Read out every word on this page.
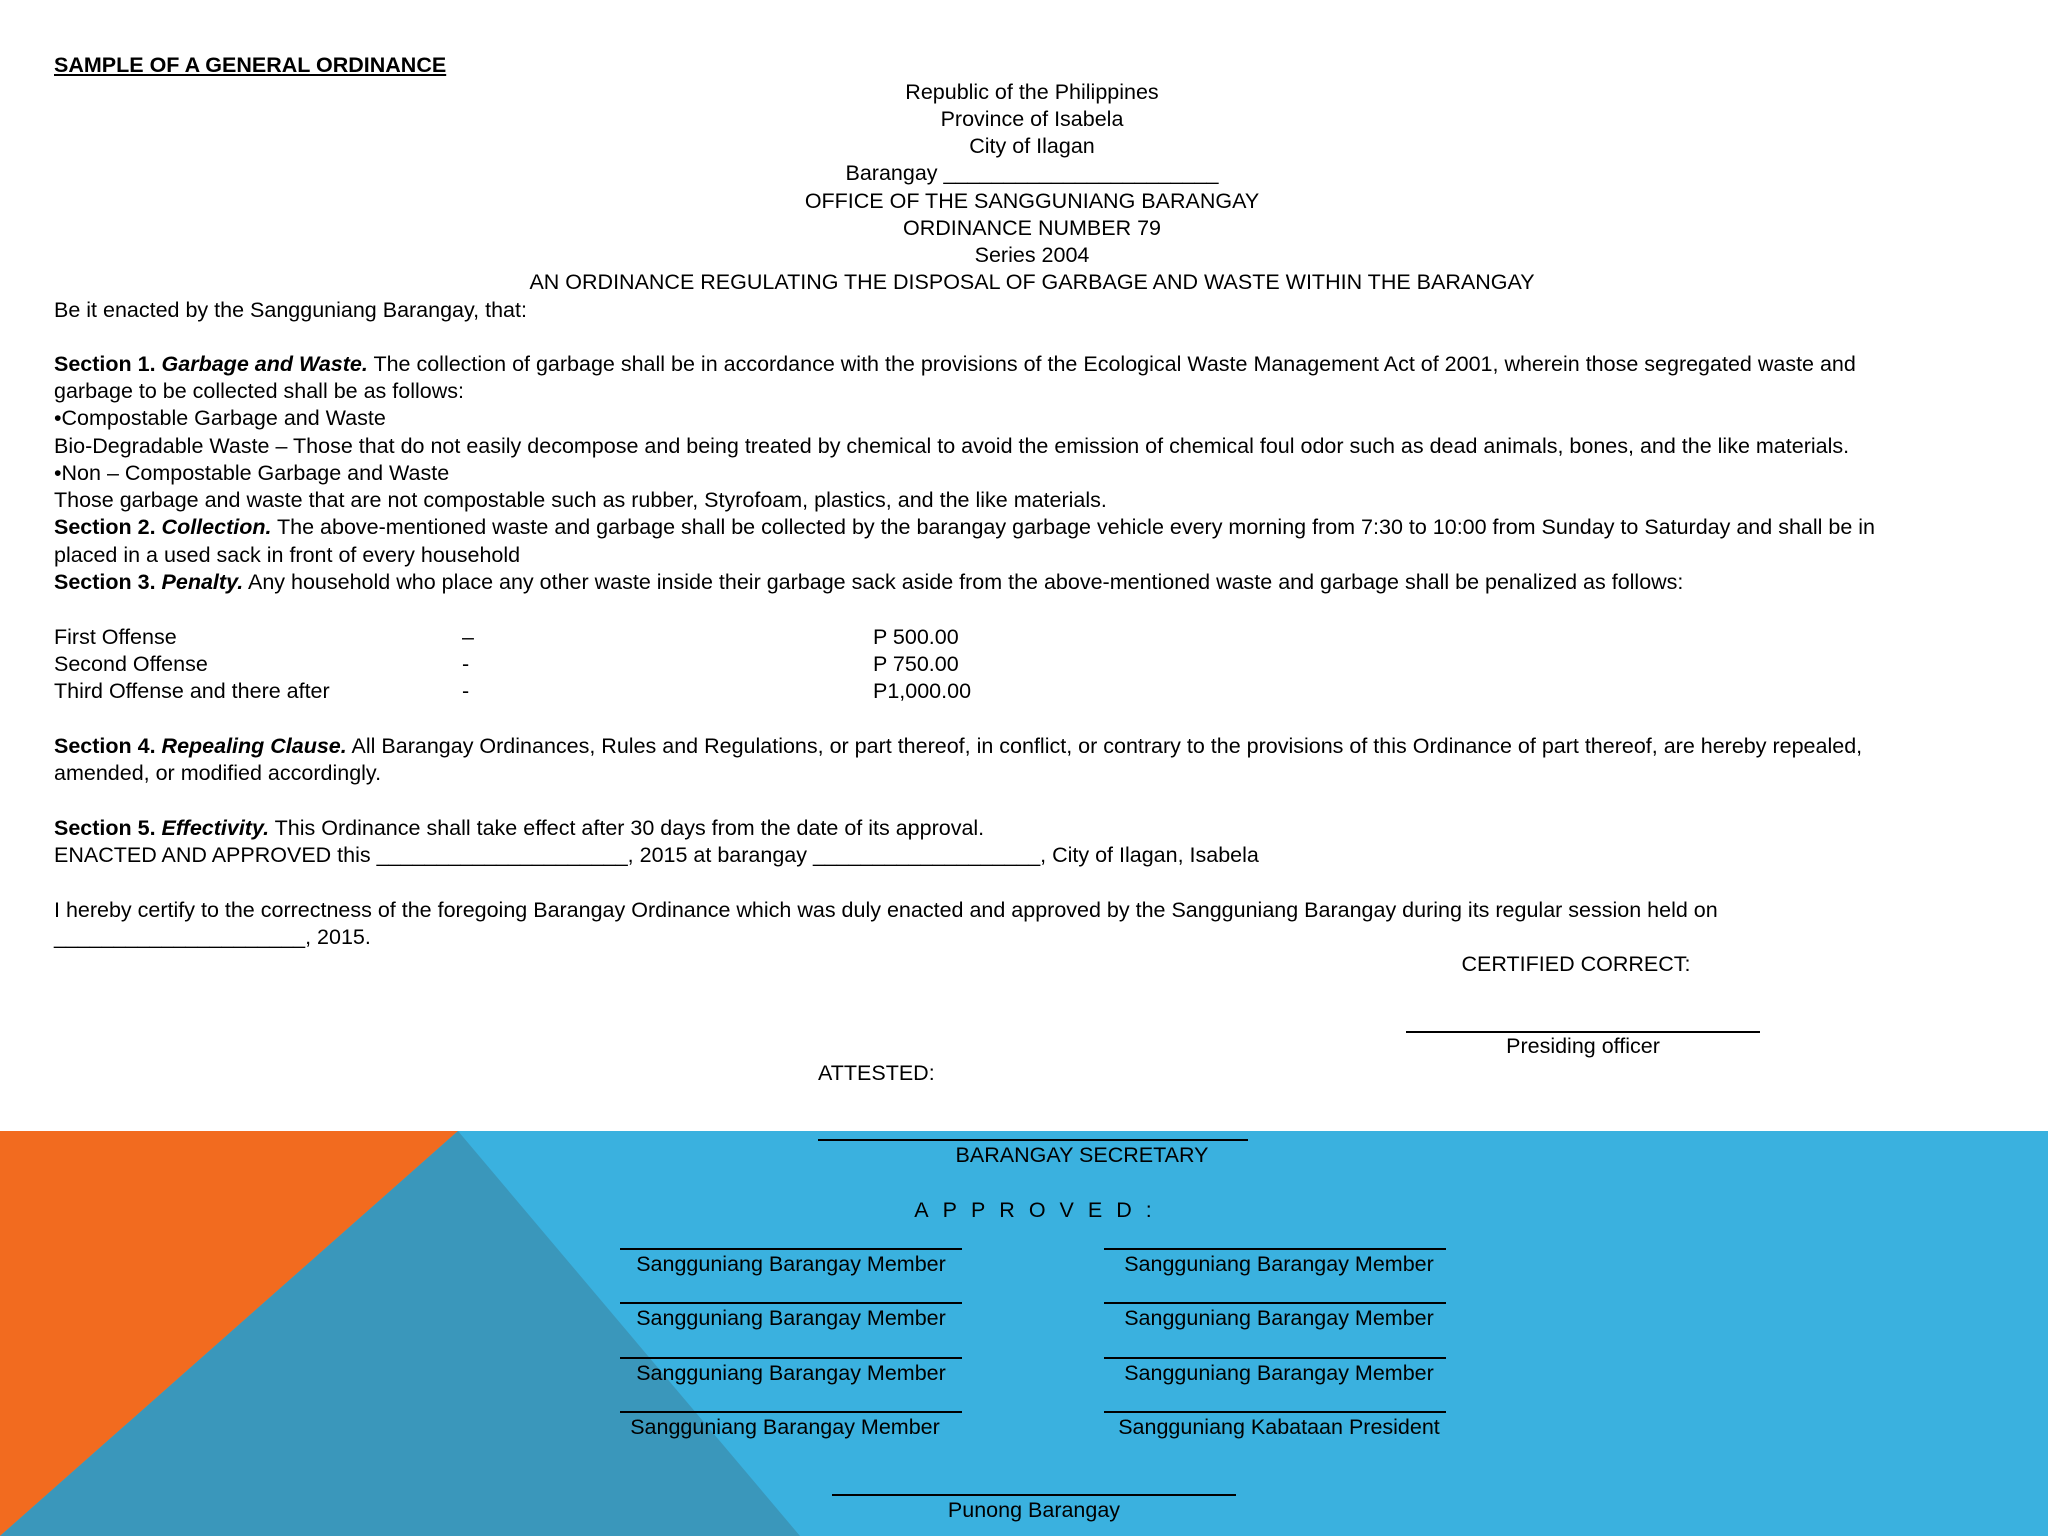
SAMPLE OF A GENERAL ORDINANCE
Republic of the Philippines
Province of Isabela
City of Ilagan
Barangay _______________________
OFFICE OF THE SANGGUNIANG BARANGAY
ORDINANCE NUMBER 79
Series 2004
AN ORDINANCE REGULATING THE DISPOSAL OF GARBAGE AND WASTE WITHIN THE BARANGAY
Be it enacted by the Sangguniang Barangay, that:
Section 1. Garbage and Waste. The collection of garbage shall be in accordance with the provisions of the Ecological Waste Management Act of 2001, wherein those segregated waste and
garbage to be collected shall be as follows:
•Compostable Garbage and Waste
Bio-Degradable Waste – Those that do not easily decompose and being treated by chemical to avoid the emission of chemical foul odor such as dead animals, bones, and the like materials.
•Non – Compostable Garbage and Waste
Those garbage and waste that are not compostable such as rubber, Styrofoam, plastics, and the like materials.
Section 2. Collection. The above-mentioned waste and garbage shall be collected by the barangay garbage vehicle every morning from 7:30 to 10:00 from Sunday to Saturday and shall be in
placed in a used sack in front of every household
Section 3. Penalty. Any household who place any other waste inside their garbage sack aside from the above-mentioned waste and garbage shall be penalized as follows:
First Offense	–	P 500.00
Second Offense	-	P 750.00
Third Offense and there after	-	P1,000.00
Section 4. Repealing Clause. All Barangay Ordinances, Rules and Regulations, or part thereof, in conflict, or contrary to the provisions of this Ordinance of part thereof, are hereby repealed,
amended, or modified accordingly.
Section 5. Effectivity. This Ordinance shall take effect after 30 days from the date of its approval.
ENACTED AND APPROVED this _____________________, 2015 at barangay ___________________, City of Ilagan, Isabela
I hereby certify to the correctness of the foregoing Barangay Ordinance which was duly enacted and approved by the Sangguniang Barangay during its regular session held on
_____________________, 2015.
CERTIFIED CORRECT:
Presiding officer
ATTESTED:
BARANGAY SECRETARY
APPROVED:
Sangguniang Barangay Member
Sangguniang Barangay Member
Sangguniang Barangay Member
Sangguniang Barangay Member
Sangguniang Barangay Member
Sangguniang Barangay Member
Sangguniang Barangay Member
Sangguniang Kabataan President
Punong Barangay
